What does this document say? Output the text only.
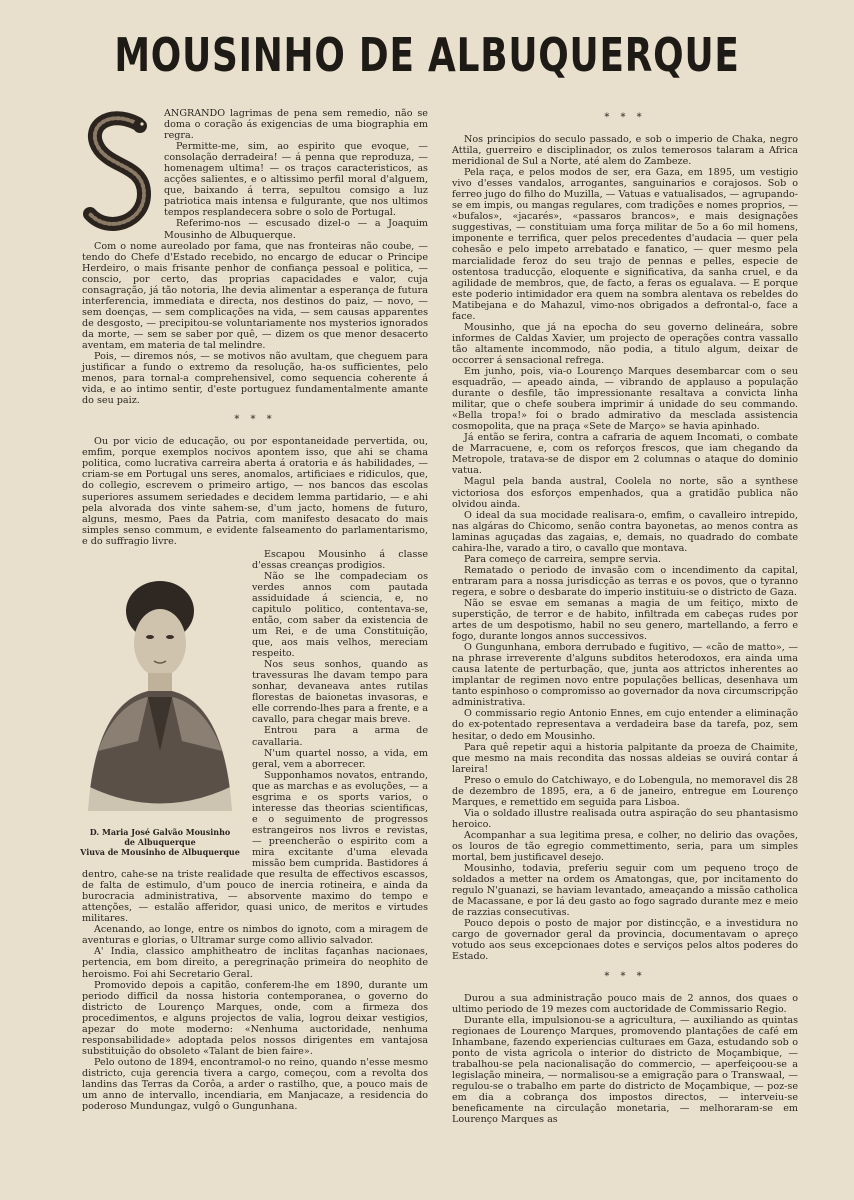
MOUSINHO DE ALBUQUERQUE

ANGRANDO lagrimas de pena sem remedio, não se doma o coração ás exigencias de uma biographia em regra.

Permitte-me, sim, ao espirito que evoque, — consolação derradeira! — á penna que reproduza, — homenagem ultima! — os traços caracteristicos, as acções salientes, e o altissimo perfil moral d'alguem, que, baixando á terra, sepultou comsigo a luz patriotica mais intensa e fulgurante, que nos ultimos tempos resplandecera sobre o solo de Portugal.

Referimo-nos — escusado dizel-o — a Joaquim Mousinho de Albuquerque.

Com o nome aureolado por fama, que nas fronteiras não coube, — tendo do Chefe d'Estado recebido, no encargo de educar o Principe Herdeiro, o mais frisante penhor de confiança pessoal e politica, — conscio, por certo, das proprias capacidades e valor, cuja consagração, já tão notoria, lhe devia alimentar a esperança de futura interferencia, immediata e directa, nos destinos do paiz, — novo, — sem doenças, — sem complicações na vida, — sem causas apparentes de desgosto, — precipitou-se voluntariamente nos mysterios ignorados da morte, — sem se saber por quê, — dizem os que menor desacerto aventam, em materia de tal melindre.

Pois, — diremos nós, — se motivos não avultam, que cheguem para justificar a fundo o extremo da resolução, ha-os sufficientes, pelo menos, para tornal-a comprehensivel, como sequencia coherente á vida, e ao intimo sentir, d'este portuguez fundamentalmente amante do seu paiz.

* * *

Ou por vicio de educação, ou por espontaneidade pervertida, ou, emfim, porque exemplos nocivos apontem isso, que ahi se chama politica, como lucrativa carreira aberta á oratoria e ás habilidades, — criam-se em Portugal uns seres, anomalos, artificiaes e ridiculos, que, do collegio, escrevem o primeiro artigo, — nos bancos das escolas superiores assumem seriedades e decidem lemma partidario, — e ahi pela alvorada dos vinte sahem-se, d'um jacto, homens de futuro, alguns, mesmo, Paes da Patria, com manifesto desacato do mais simples senso commum, e evidente falseamento do parlamentarismo, e do suffragio livre.

D. Maria José Galvão Mousinho
de Albuquerque
Viuva de Mousinho de Albuquerque

Escapou Mousinho á classe d'essas creanças prodigios.

Não se lhe compadeciam os verdes annos com pautada assiduidade á sciencia, e, no capitulo politico, contentava-se, então, com saber da existencia de um Rei, e de uma Constituição, que, aos mais velhos, mereciam respeito.

Nos seus sonhos, quando as travessuras lhe davam tempo para sonhar, devaneava antes rutilas florestas de baionetas invasoras, e elle correndo-lhes para a frente, e a cavallo, para chegar mais breve.

Entrou para a arma de cavallaria.

N'um quartel nosso, a vida, em geral, vem a aborrecer.

Supponhamos novatos, entrando, que as marchas e as evoluções, — a esgrima e os sports varios, o interesse das theorias scientificas, e o seguimento de progressos estrangeiros nos livros e revistas, — preencherão o espirito com a mira excitante d'uma elevada missão bem cumprida. Bastidores á dentro, cahe-se na triste realidade que resulta de effectivos escassos, de falta de estimulo, d'um pouco de inercia rotineira, e ainda da burocracia administrativa, — absorvente maximo do tempo e attenções, — estalão afferidor, quasi unico, de meritos e virtudes militares.

Acenando, ao longe, entre os nimbos do ignoto, com a miragem de aventuras e glorias, o Ultramar surge como allivio salvador.

A' India, classico amphitheatro de inclitas façanhas nacionaes, pertencia, em bom direito, a peregrinação primeira do neophito de heroismo. Foi ahi Secretario Geral.

Promovido depois a capitão, conferem-lhe em 1890, durante um periodo difficil da nossa historia contemporanea, o governo do districto de Lourenço Marques, onde, com a firmeza dos procedimentos, e alguns projectos de valia, logrou deixar vestigios, apezar do mote moderno: «Nenhuma auctoridade, nenhuma responsabilidade» adoptada pelos nossos dirigentes em vantajosa substituição do obsoleto «Talant de bien faire».

Pelo outono de 1894, encontramol-o no reino, quando n'esse mesmo districto, cuja gerencia tivera a cargo, começou, com a revolta dos landins das Terras da Corôa, a arder o rastilho, que, a pouco mais de um anno de intervallo, incendiaria, em Manjacaze, a residencia do poderoso Mundungaz, vulgô o Gungunhana.

* * *

Nos principios do seculo passado, e sob o imperio de Chaka, negro Attila, guerreiro e disciplinador, os zulos temerosos talaram a Africa meridional de Sul a Norte, até alem do Zambeze.

Pela raça, e pelos modos de ser, era Gaza, em 1895, um vestigio vivo d'esses vandalos, arrogantes, sanguinarios e corajosos. Sob o ferreo jugo do filho do Muzilla, — Vatuas e vatualisados, — agrupando-se em impis, ou mangas regulares, com tradições e nomes proprios, — «bufalos», «jacarés», «passaros brancos», e mais designações suggestivas, — constituiam uma força militar de 5o a 6o mil homens, imponente e terrifica, quer pelos precedentes d'audacia — quer pela cohesão e pelo impeto arrebatado e fanatico, — quer mesmo pela marcialidade feroz do seu trajo de pennas e pelles, especie de ostentosa traducção, eloquente e significativa, da sanha cruel, e da agilidade de membros, que, de facto, a feras os egualava. — E porque este poderio intimidador era quem na sombra alentava os rebeldes do Matibejana e do Mahazul, vimo-nos obrigados a defrontal-o, face a face.

Mousinho, que já na epocha do seu governo delineára, sobre informes de Caldas Xavier, um projecto de operações contra vassallo tão altamente incommodo, não podia, a titulo algum, deixar de occorrer á sensacional refrega.

Em junho, pois, via-o Lourenço Marques desembarcar com o seu esquadrão, — apeado ainda, — vibrando de applauso a população durante o desfile, tão impressionante resaltava a convicta linha militar, que o chefe soubera imprimir á unidade do seu commando. «Bella tropa!» foi o brado admirativo da mesclada assistencia cosmopolita, que na praça «Sete de Março» se havia apinhado.

Já então se ferira, contra a cafraria de aquem Incomati, o combate de Marracuene, e, com os reforços frescos, que iam chegando da Metropole, tratava-se de dispor em 2 columnas o ataque do dominio vatua.

Magul pela banda austral, Coolela no norte, são a synthese victoriosa dos esforços empenhados, qua a gratidão publica não olvidou ainda.

O ideal da sua mocidade realisara-o, emfim, o cavalleiro intrepido, nas algáras do Chicomo, senão contra bayonetas, ao menos contra as laminas aguçadas das zagaias, e, demais, no quadrado do combate cahira-lhe, varado a tiro, o cavallo que montava.

Para começo de carreira, sempre servia.

Rematado o periodo de invasão com o incendimento da capital, entraram para a nossa jurisdicção as terras e os povos, que o tyranno regera, e sobre o desbarate do imperio instituiu-se o districto de Gaza.

Não se esvae em semanas a magia de um feitiço, mixto de superstição, de terror e de habito, infiltrada em cabeças rudes por artes de um despotismo, habil no seu genero, martellando, a ferro e fogo, durante longos annos successivos.

O Gungunhana, embora derrubado e fugitivo, — «cão de matto», — na phrase irreverente d'alguns subditos heterodoxos, era ainda uma causa latente de perturbação, que, junta aos attrictos inherentes ao implantar de regimen novo entre populações bellicas, desenhava um tanto espinhoso o compromisso ao governador da nova circumscripção administrativa.

O commissario regio Antonio Ennes, em cujo entender a eliminação do ex-potentado representava a verdadeira base da tarefa, poz, sem hesitar, o dedo em Mousinho.

Para quê repetir aqui a historia palpitante da proeza de Chaimite, que mesmo na mais recondita das nossas aldeias se ouvirá contar á lareira!

Preso o emulo do Catchiwayo, e do Lobengula, no memoravel dis 28 de dezembro de 1895, era, a 6 de janeiro, entregue em Lourenço Marques, e remettido em seguida para Lisboa.

Via o soldado illustre realisada outra aspiração do seu phantasismo heroico.

Acompanhar a sua legitima presa, e colher, no delirio das ovações, os louros de tão egregio commettimento, seria, para um simples mortal, bem justificavel desejo.

Mousinho, todavia, preferiu seguir com um pequeno troço de soldados a metter na ordem os Amatongas, que, por incitamento do regulo N'guanazi, se haviam levantado, ameaçando a missão catholica de Macassane, e por lá deu gasto ao fogo sagrado durante mez e meio de razzias consecutivas.

Pouco depois o posto de major por distincção, e a investidura no cargo de governador geral da provincia, documentavam o apreço votudo aos seus excepcionaes dotes e serviços pelos altos poderes do Estado.

* * *

Durou a sua administração pouco mais de 2 annos, dos quaes o ultimo periodo de 19 mezes com auctoridade de Commissario Regio.

Durante ella, impulsionou-se a agricultura, — auxiliando as quintas regionaes de Lourenço Marques, promovendo plantações de café em Inhambane, fazendo experiencias culturaes em Gaza, estudando sob o ponto de vista agricola o interior do districto de Moçambique, — trabalhou-se pela nacionalisação do commercio, — aperfeiçoou-se a legislação mineira, — normalisou-se a emigração para o Transwaal, — regulou-se o trabalho em parte do districto de Moçambique, — poz-se em dia a cobrança dos impostos directos, — interveiu-se beneficamente na circulação monetaria, — melhoraram-se em Lourenço Marques as
